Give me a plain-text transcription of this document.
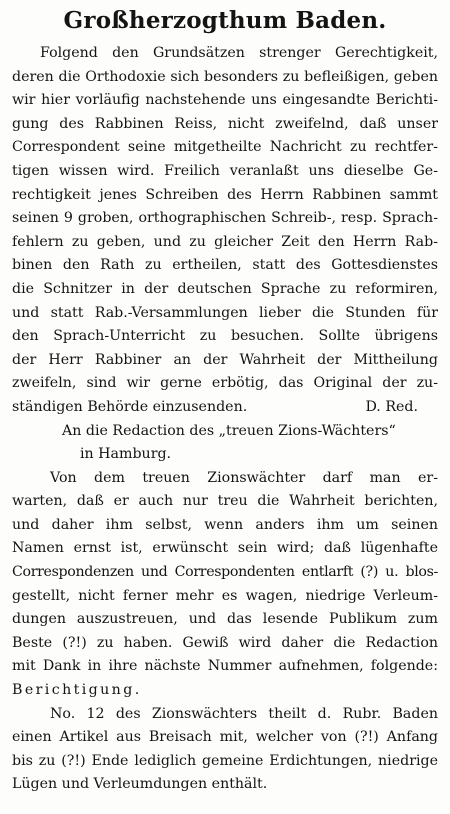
Großherzogthum Baden.
Folgend den Grundsätzen strenger Gerechtigkeit,
deren die Orthodoxie sich besonders zu befleißigen, geben
wir hier vorläufig nachstehende uns eingesandte Berichti-
gung des Rabbinen Reiss, nicht zweifelnd, daß unser
Correspondent seine mitgetheilte Nachricht zu rechtfer-
tigen wissen wird. Freilich veranlaßt uns dieselbe Ge-
rechtigkeit jenes Schreiben des Herrn Rabbinen sammt
seinen 9 groben, orthographischen Schreib-, resp. Sprach-
fehlern zu geben, und zu gleicher Zeit den Herrn Rab-
binen den Rath zu ertheilen, statt des Gottesdienstes
die Schnitzer in der deutschen Sprache zu reformiren,
und statt Rab.-Versammlungen lieber die Stunden für
den Sprach-Unterricht zu besuchen. Sollte übrigens
der Herr Rabbiner an der Wahrheit der Mittheilung
zweifeln, sind wir gerne erbötig, das Original der zu-
ständigen Behörde einzusenden.	D. Red.
An die Redaction des „treuen Zions-Wächters“
in Hamburg.
Von dem treuen Zionswächter darf man er-
warten, daß er auch nur treu die Wahrheit berichten,
und daher ihm selbst, wenn anders ihm um seinen
Namen ernst ist, erwünscht sein wird; daß lügenhafte
Correspondenzen und Correspondenten entlarft (?) u. blos-
gestellt, nicht ferner mehr es wagen, niedrige Verleum-
dungen auszustreuen, und das lesende Publikum zum
Beste (?!) zu haben. Gewiß wird daher die Redaction
mit Dank in ihre nächste Nummer aufnehmen, folgende:
Berichtigung.
No. 12 des Zionswächters theilt d. Rubr. Baden
einen Artikel aus Breisach mit, welcher von (?!) Anfang
bis zu (?!) Ende lediglich gemeine Erdichtungen, niedrige
Lügen und Verleumdungen enthält.
